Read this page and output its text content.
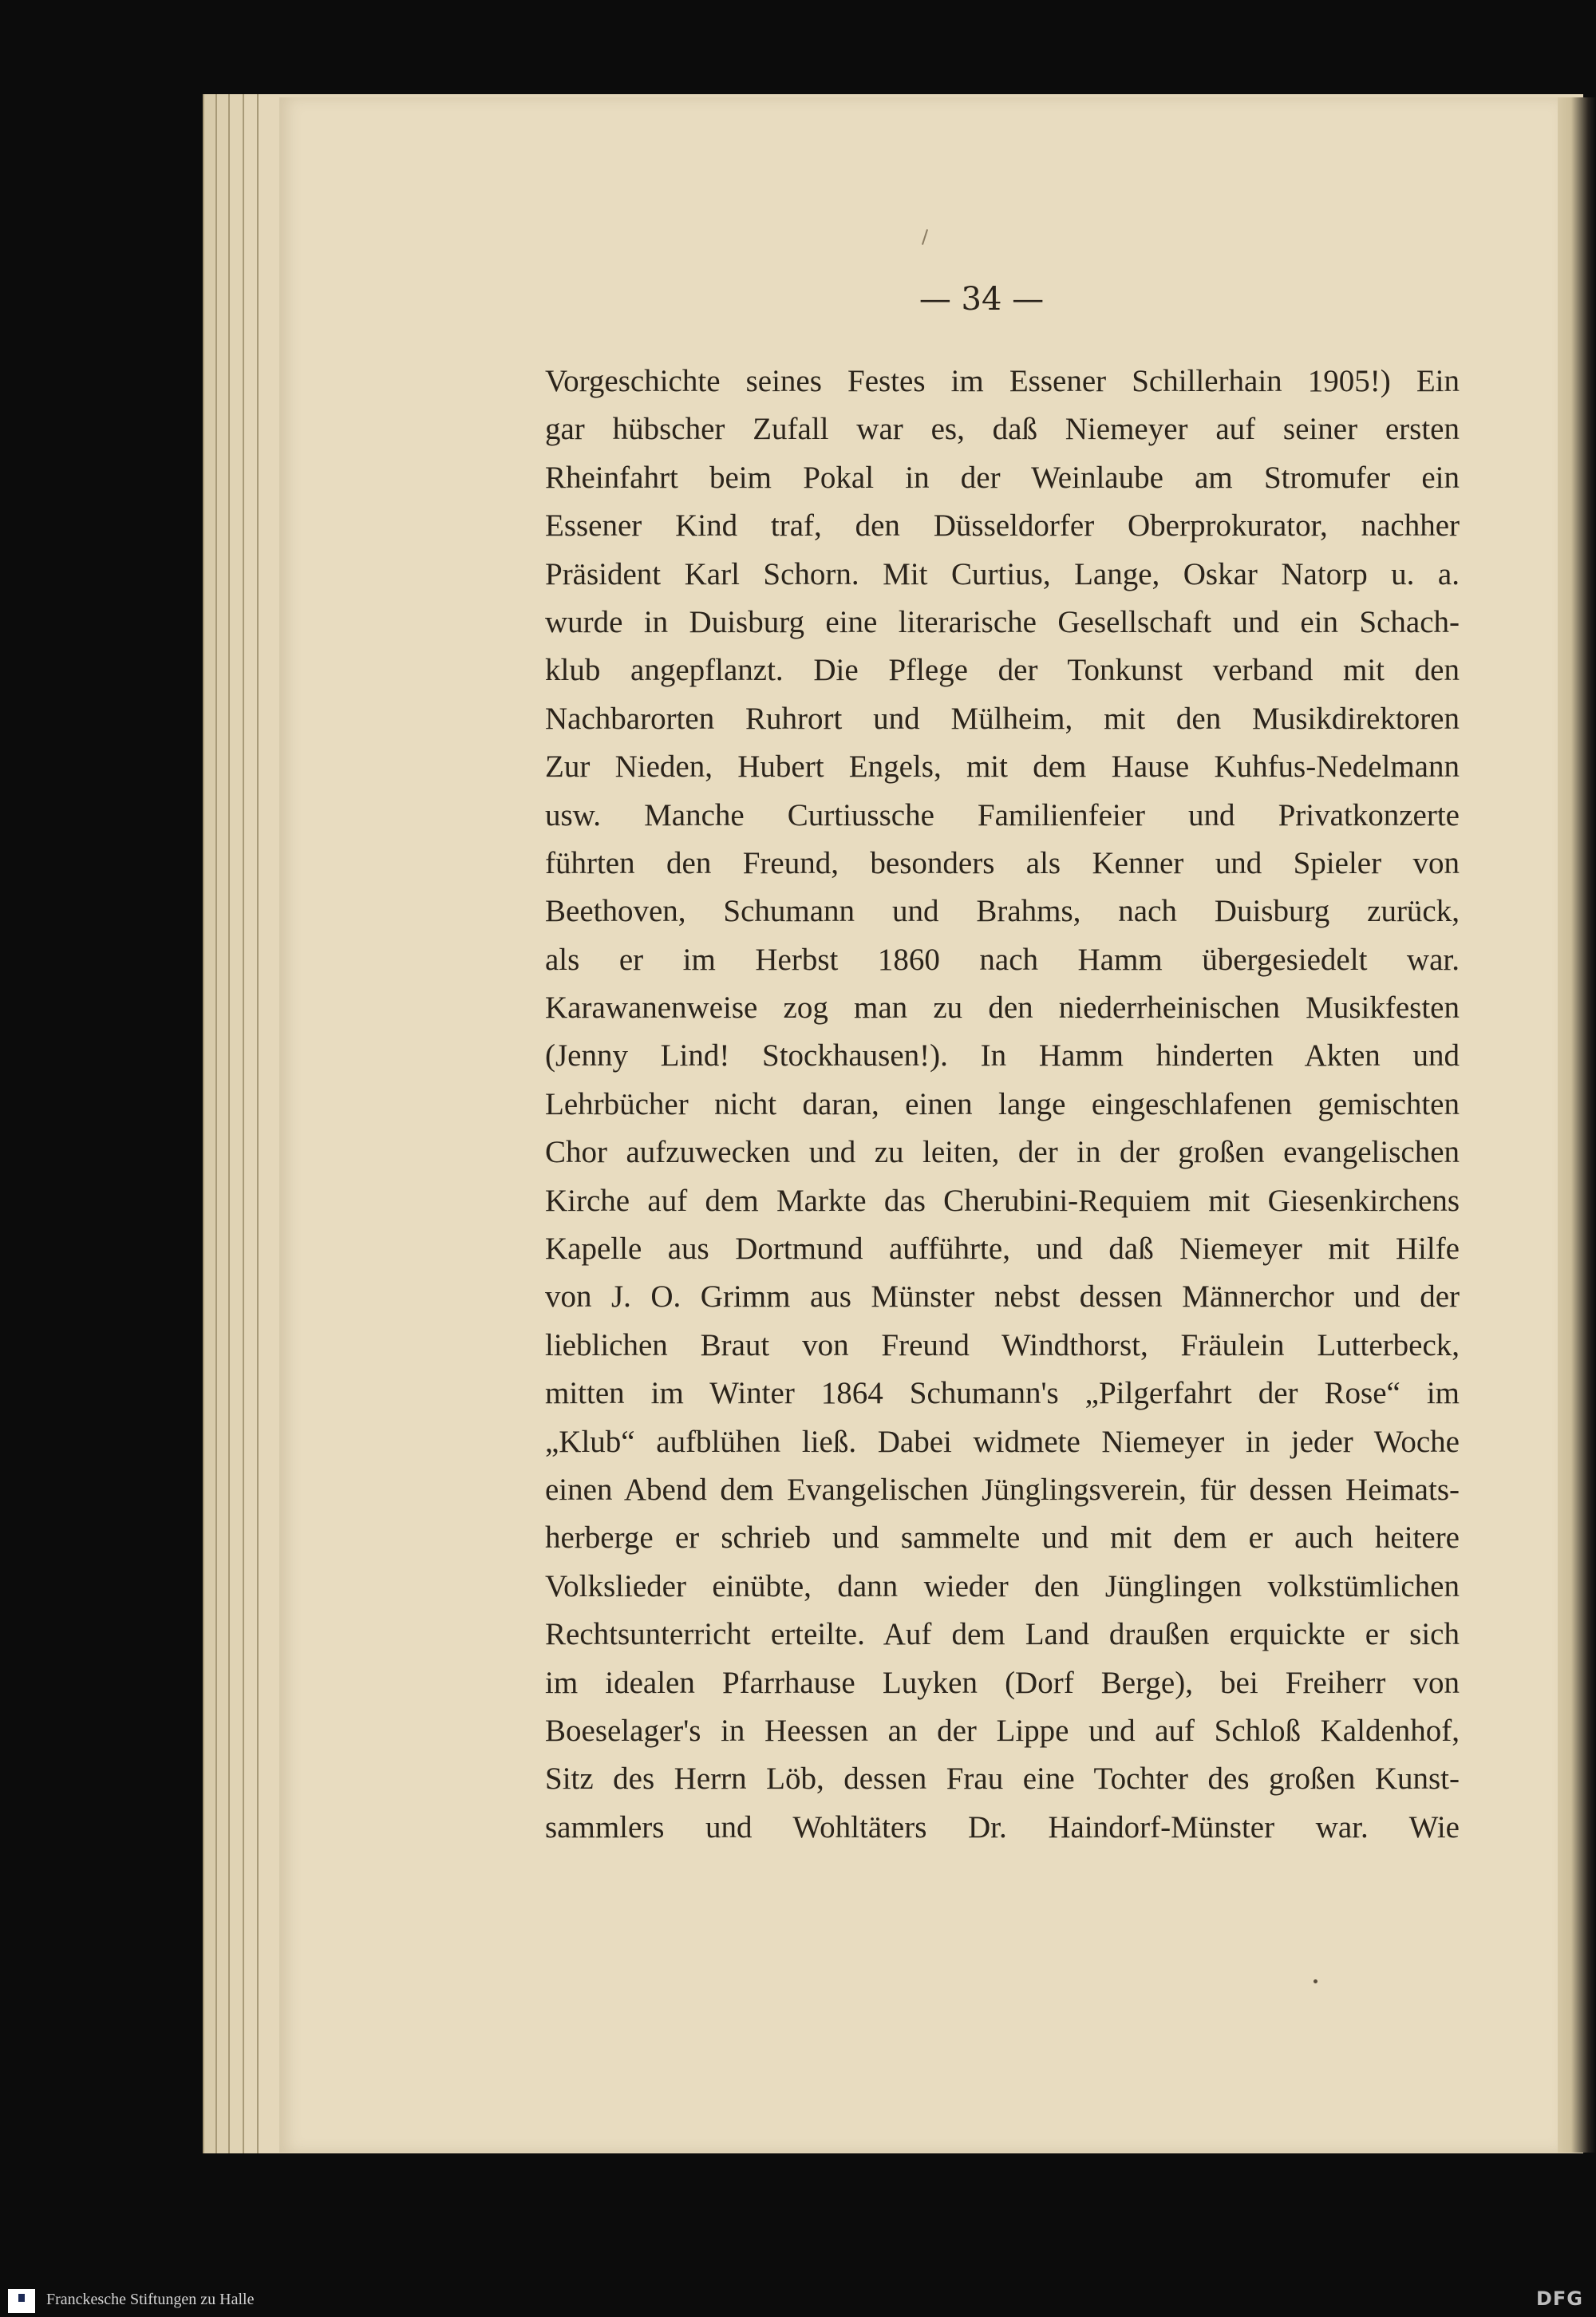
— 34 —
Vorgeschichte seines Festes im Essener Schillerhain 1905!) Ein
gar hübscher Zufall war es, daß Niemeyer auf seiner ersten
Rheinfahrt beim Pokal in der Weinlaube am Stromufer ein
Essener Kind traf, den Düsseldorfer Oberprokurator, nachher
Präsident Karl Schorn. Mit Curtius, Lange, Oskar Natorp u. a.
wurde in Duisburg eine literarische Gesellschaft und ein Schach-
klub angepflanzt. Die Pflege der Tonkunst verband mit den
Nachbarorten Ruhrort und Mülheim, mit den Musikdirektoren
Zur Nieden, Hubert Engels, mit dem Hause Kuhfus-Nedelmann
usw. Manche Curtiussche Familienfeier und Privatkonzerte
führten den Freund, besonders als Kenner und Spieler von
Beethoven, Schumann und Brahms, nach Duisburg zurück,
als er im Herbst 1860 nach Hamm übergesiedelt war.
Karawanenweise zog man zu den niederrheinischen Musikfesten
(Jenny Lind! Stockhausen!). In Hamm hinderten Akten und
Lehrbücher nicht daran, einen lange eingeschlafenen gemischten
Chor aufzuwecken und zu leiten, der in der großen evangelischen
Kirche auf dem Markte das Cherubini-Requiem mit Giesenkirchens
Kapelle aus Dortmund aufführte, und daß Niemeyer mit Hilfe
von J. O. Grimm aus Münster nebst dessen Männerchor und der
lieblichen Braut von Freund Windthorst, Fräulein Lutterbeck,
mitten im Winter 1864 Schumann's „Pilgerfahrt der Rose“ im
„Klub“ aufblühen ließ. Dabei widmete Niemeyer in jeder Woche
einen Abend dem Evangelischen Jünglingsverein, für dessen Heimats-
herberge er schrieb und sammelte und mit dem er auch heitere
Volkslieder einübte, dann wieder den Jünglingen volkstümlichen
Rechtsunterricht erteilte. Auf dem Land draußen erquickte er sich
im idealen Pfarrhause Luyken (Dorf Berge), bei Freiherr von
Boeselager's in Heessen an der Lippe und auf Schloß Kaldenhof,
Sitz des Herrn Löb, dessen Frau eine Tochter des großen Kunst-
sammlers und Wohltäters Dr. Haindorf-Münster war. Wie
Franckesche Stiftungen zu Halle	DFG
